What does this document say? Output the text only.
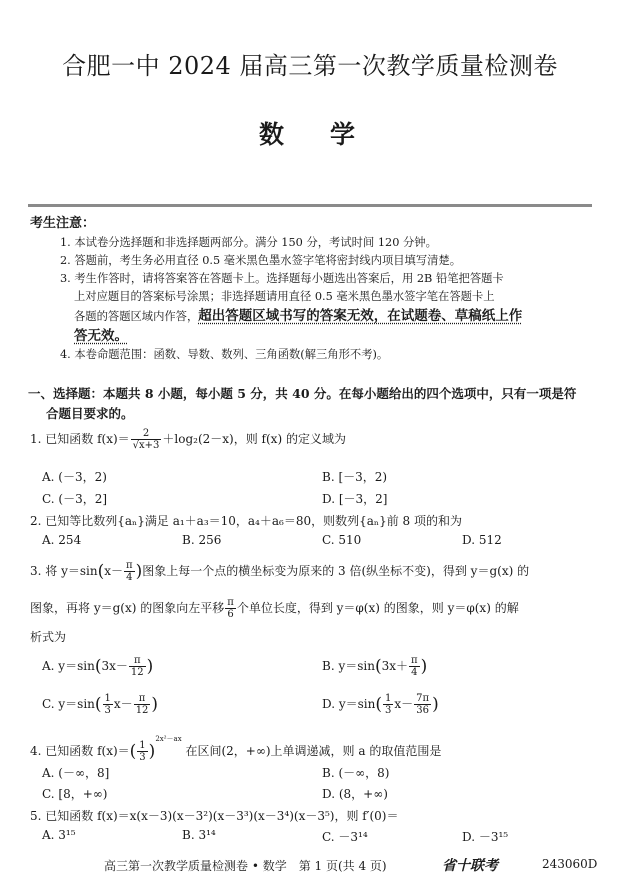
合肥一中 2024 届高三第一次教学质量检测卷
数学
考生注意：
1. 本试卷分选择题和非选择题两部分。满分 150 分，考试时间 120 分钟。
2. 答题前，考生务必用直径 0.5 毫米黑色墨水签字笔将密封线内项目填写清楚。
3. 考生作答时，请将答案答在答题卡上。选择题每小题选出答案后，用 2B 铅笔把答题卡
上对应题目的答案标号涂黑；非选择题请用直径 0.5 毫米黑色墨水签字笔在答题卡上
各题的答题区域内作答，超出答题区域书写的答案无效，在试题卷、草稿纸上作
答无效。
4. 本卷命题范围：函数、导数、数列、三角函数(解三角形不考)。
一、选择题：本题共 8 小题，每小题 5 分，共 40 分。在每小题给出的四个选项中，只有一项是符
合题目要求的。
1. 已知函数 $f(x)= \frac{2}{√x+3} +\log_2(2-x)$，则 f(x) 的定义域为
A. (－3，2)	B. [－3，2)
C. (－3，2]	D. [－3，2]
2. 已知等比数列{aₙ}满足 a₁＋a₃＝10，a₄＋a₆＝80，则数列{aₙ}前 8 项的和为
A. 254	B. 256	C. 510	D. 512
3. 将 $y=\sin(x- \frac{\pi}{4}$ )图象上每一个点的横坐标变为原来的 3 倍(纵坐标不变)，得到 y＝g(x) 的
图象，再将 y＝g(x) 的图象向左平移 $\frac{\pi}{6}$ 个单位长度，得到 y＝φ(x) 的图象，则 y＝φ(x) 的解
析式为
A. $y=\sin(3x- \frac{\pi}{12}$ )	B. $y=\sin(3x+ \frac{\pi}{4}$ )
C. $y=\sin( \frac{1}{3} x- \frac{\pi}{12}$ )	D. $y=\sin( \frac{1}{3} x- \frac{7\pi}{36}$ )
4. 已知函数 $f(x)=( \frac{1}{3} )^{2x^2-ax}$ 在区间(2，+∞)上单调递减，则 a 的取值范围是
A. (－∞，8]	B. (－∞，8)
C. [8，+∞)	D. (8，+∞)
5. 已知函数 f(x)＝x(x－3)(x－3²)(x－3³)(x－3⁴)(x－3⁵)，则 f′(0)＝
A. 3¹⁵	B. 3¹⁴	C. －3¹⁴	D. －3¹⁵
高三第一次教学质量检测卷 • 数学　第 1 页(共 4 页)	省十联考	243060D
